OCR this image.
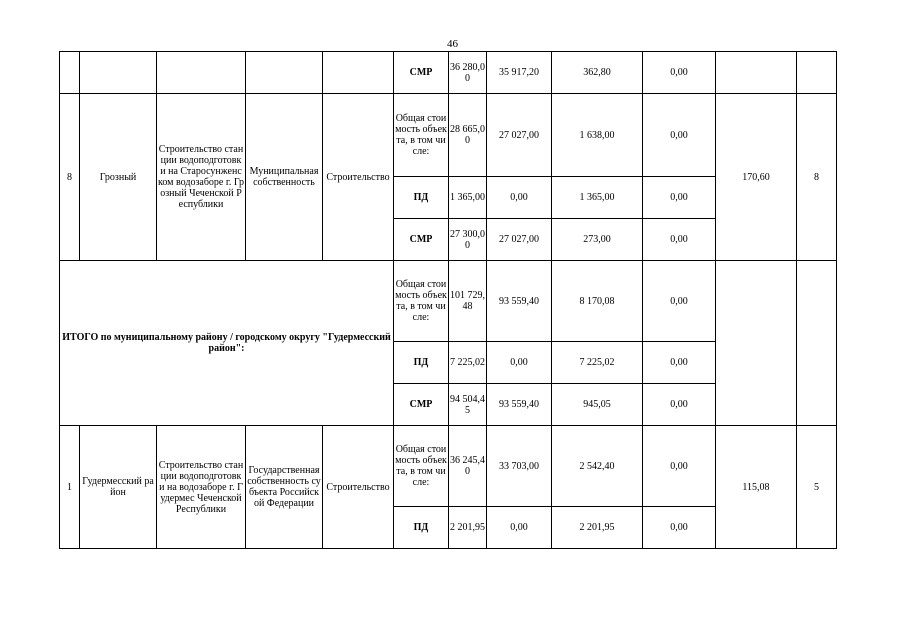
46
					СМР	36 280,00	35 917,20	362,80	0,00		
8	Грозный	Строительство станции водоподготовки на Старосунженском водозаборе г. Грозный Чеченской Республики	Муниципальная собственность	Строительство	Общая стоимость объекта, в том числе:	28 665,00	27 027,00	1 638,00	0,00	170,60	8
					ПД	1 365,00	0,00	1 365,00	0,00		
					СМР	27 300,00	27 027,00	273,00	0,00		
ИТОГО по муниципальному району / городскому округу "Гудермесский район":					Общая стоимость объекта, в том числе:	101 729,48	93 559,40	8 170,08	0,00		
					ПД	7 225,02	0,00	7 225,02	0,00		
					СМР	94 504,45	93 559,40	945,05	0,00		
1	Гудермесский район	Строительство станции водоподготовки на водозаборе г. Гудермес Чеченской Республики	Государственная собственность субъекта Российской Федерации	Строительство	Общая стоимость объекта, в том числе:	36 245,40	33 703,00	2 542,40	0,00	115,08	5
					ПД	2 201,95	0,00	2 201,95	0,00		
